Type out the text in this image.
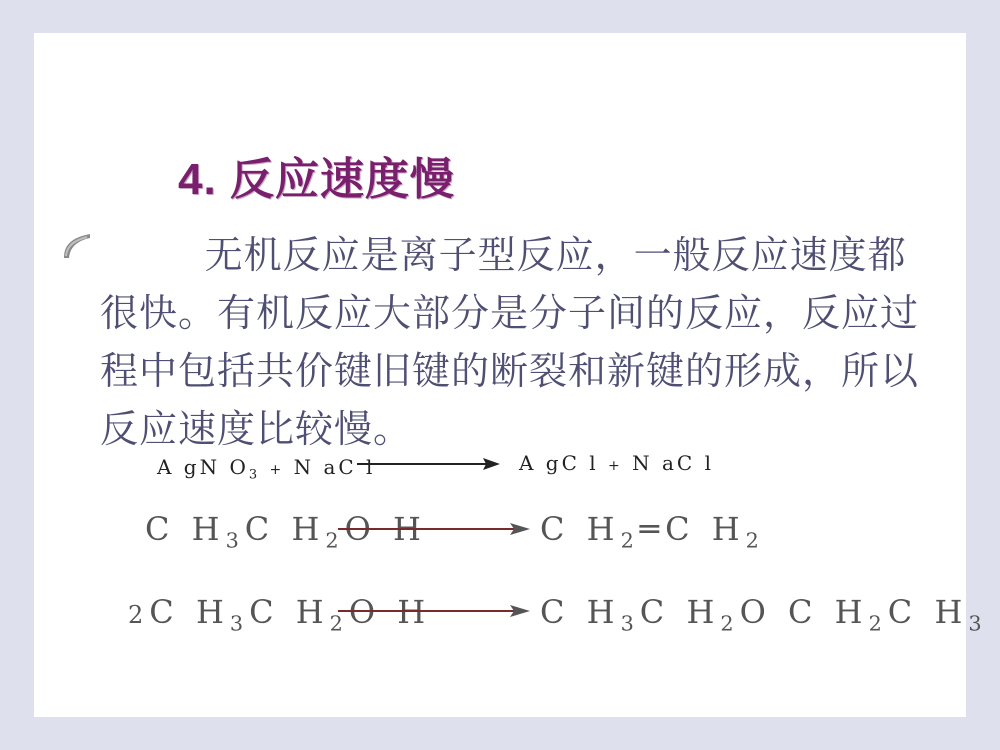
4. 反应速度慢
无机反应是离子型反应，一般反应速度都很快。有机反应大部分是分子间的反应，反应过程中包括共价键旧键的断裂和新键的形成，所以反应速度比较慢。
A gN $O_3 + N$ aC l	A gC l + N aC l
C $H_3C$ $H_2O$ H	C $H_2═C$ $H_2$
2C $H_3C$ $H_2O$ H	C $H_3C$ $H_2O$ C $H_2C$ $H_3$
